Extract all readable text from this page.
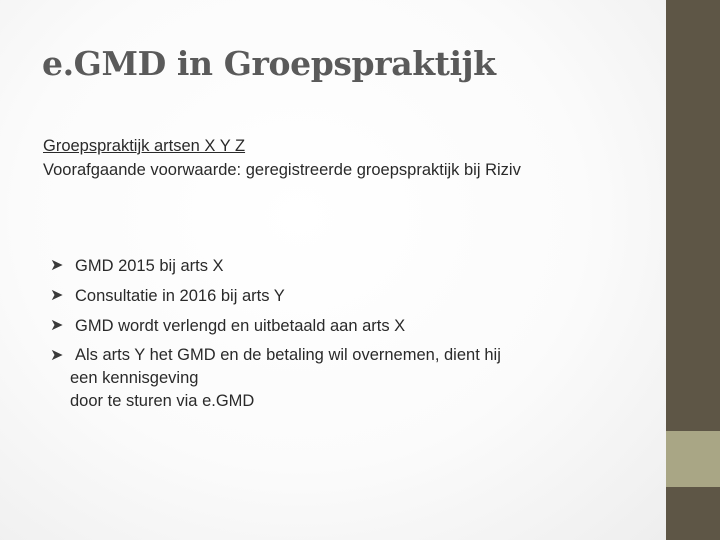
e.GMD in Groepspraktijk
Groepspraktijk artsen X Y Z
Voorafgaande voorwaarde: geregistreerde groepspraktijk bij Riziv
➤ GMD 2015 bij arts X
➤ Consultatie in 2016 bij arts Y
➤ GMD wordt verlengd en uitbetaald aan arts X
➤ Als arts Y het GMD en de betaling wil overnemen, dient hij
een kennisgeving
door te sturen via e.GMD
